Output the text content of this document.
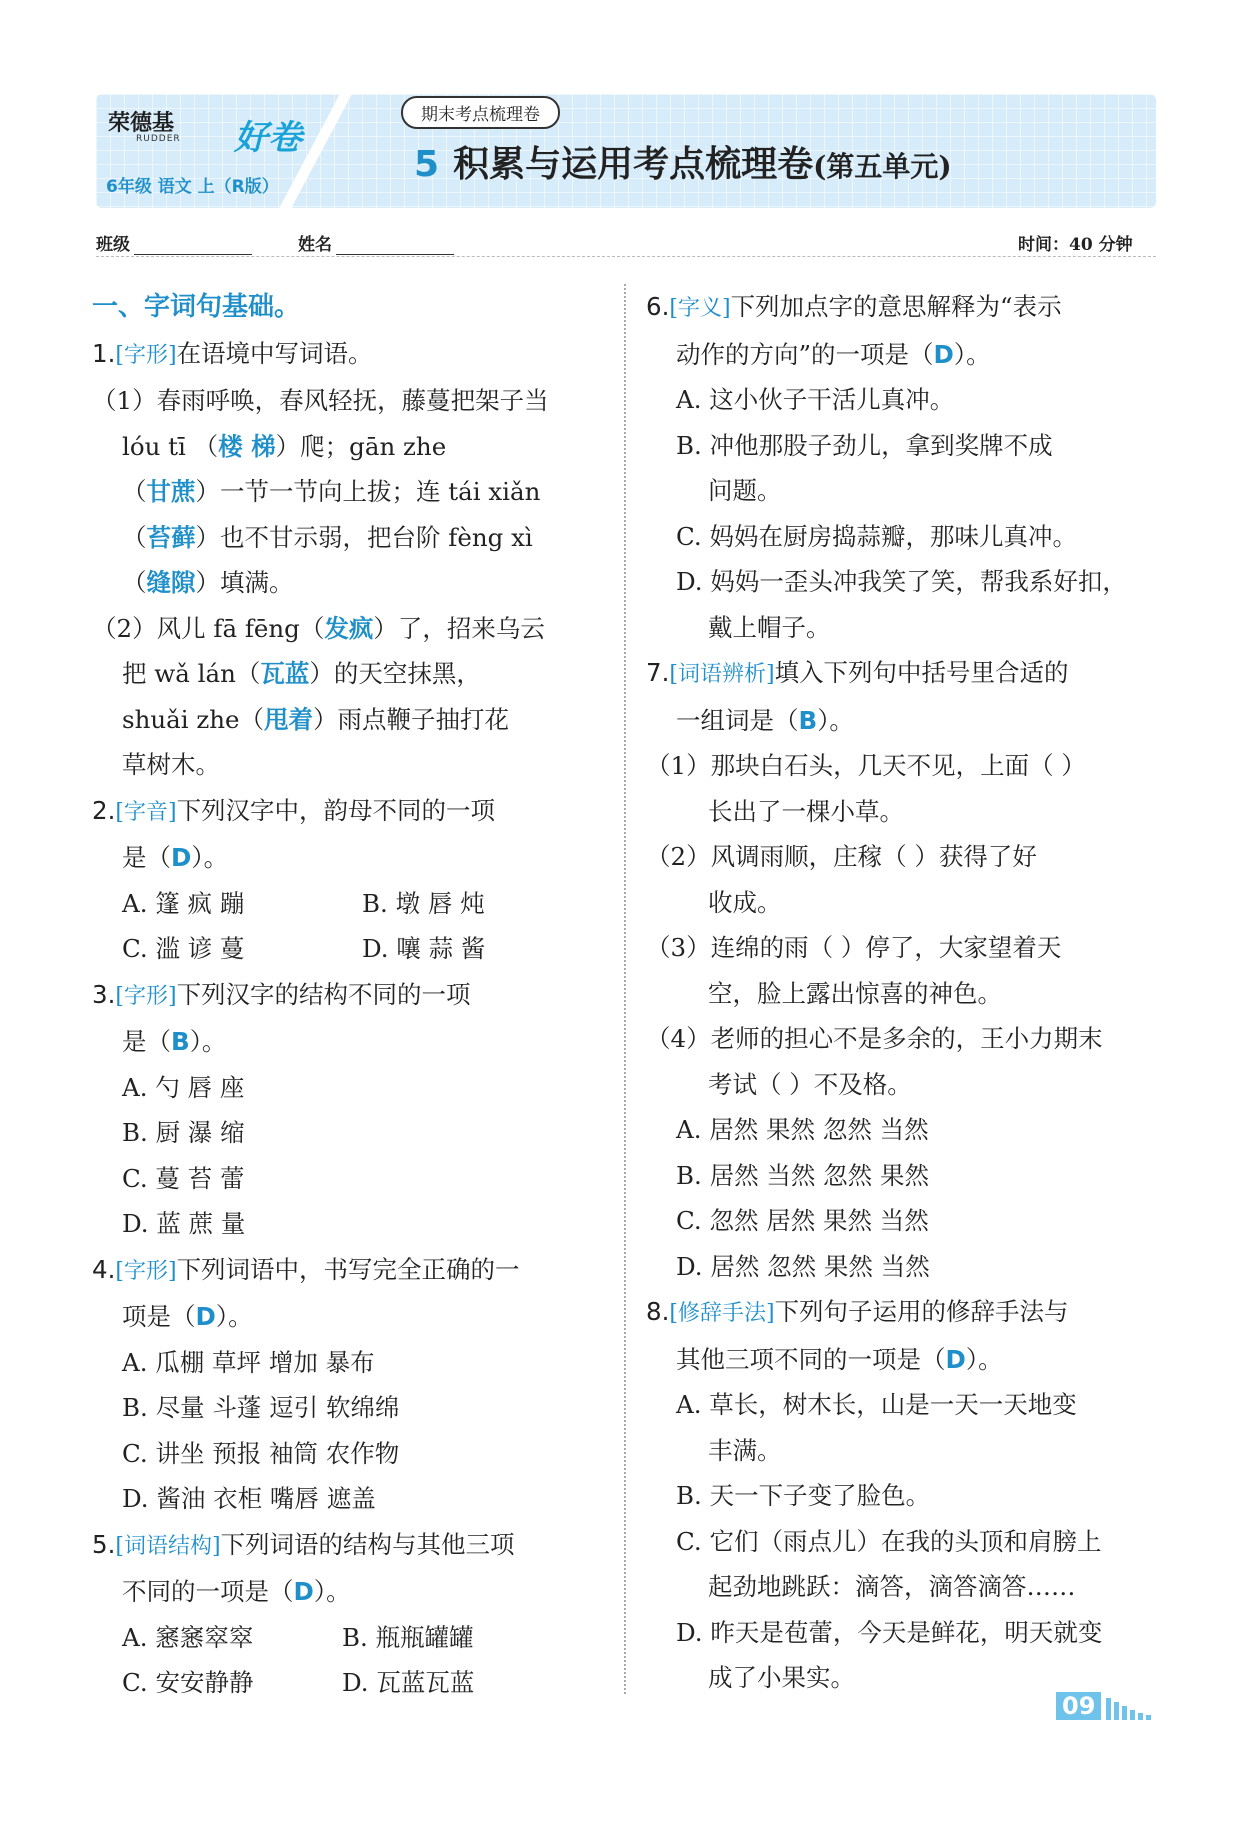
荣德基
RUDDER 好卷
6年级 语文 上（R版）
期末考点梳理卷
5 积累与运用考点梳理卷(第五单元)
班级	姓名	时间：40 分钟
一、字词句基础。
1.[字形]在语境中写词语。
（1）春雨呼唤，春风轻抚，藤蔓把架子当
lóu tī （楼 梯）爬；gān zhe
（甘蔗）一节一节向上拔；连 tái xiǎn
（苔藓）也不甘示弱，把台阶 fèng xì
（缝隙）填满。
（2）风儿 fā fēng（发疯）了，招来乌云
把 wǎ lán（瓦蓝）的天空抹黑，
shuǎi zhe（甩着）雨点鞭子抽打花
草树木。
2.[字音]下列汉字中，韵母不同的一项
是（D）。
A. 篷 疯 蹦	B. 墩 唇 炖
C. 滥 谚 蔓	D. 嚷 蒜 酱
3.[字形]下列汉字的结构不同的一项
是（B）。
A. 勺 唇 座
B. 厨 瀑 缩
C. 蔓 苔 蕾
D. 蓝 蔗 量
4.[字形]下列词语中，书写完全正确的一
项是（D）。
A. 瓜棚 草坪 增加 暴布
B. 尽量 斗蓬 逗引 软绵绵
C. 讲坐 预报 袖筒 农作物
D. 酱油 衣柜 嘴唇 遮盖
5.[词语结构]下列词语的结构与其他三项
不同的一项是（D）。
A. 窸窸窣窣	B. 瓶瓶罐罐
C. 安安静静	D. 瓦蓝瓦蓝
6.[字义]下列加点字的意思解释为“表示
动作的方向”的一项是（D）。
A. 这小伙子干活儿真冲。
B. 冲他那股子劲儿，拿到奖牌不成
问题。
C. 妈妈在厨房捣蒜瓣，那味儿真冲。
D. 妈妈一歪头冲我笑了笑，帮我系好扣，
戴上帽子。
7.[词语辨析]填入下列句中括号里合适的
一组词是（B）。
（1）那块白石头，几天不见，上面（ ）
长出了一棵小草。
（2）风调雨顺，庄稼（ ）获得了好
收成。
（3）连绵的雨（ ）停了，大家望着天
空，脸上露出惊喜的神色。
（4）老师的担心不是多余的，王小力期末
考试（ ）不及格。
A. 居然 果然 忽然 当然
B. 居然 当然 忽然 果然
C. 忽然 居然 果然 当然
D. 居然 忽然 果然 当然
8.[修辞手法]下列句子运用的修辞手法与
其他三项不同的一项是（D）。
A. 草长，树木长，山是一天一天地变
丰满。
B. 天一下子变了脸色。
C. 它们（雨点儿）在我的头顶和肩膀上
起劲地跳跃：滴答，滴答滴答……
D. 昨天是苞蕾，今天是鲜花，明天就变
成了小果实。
09
